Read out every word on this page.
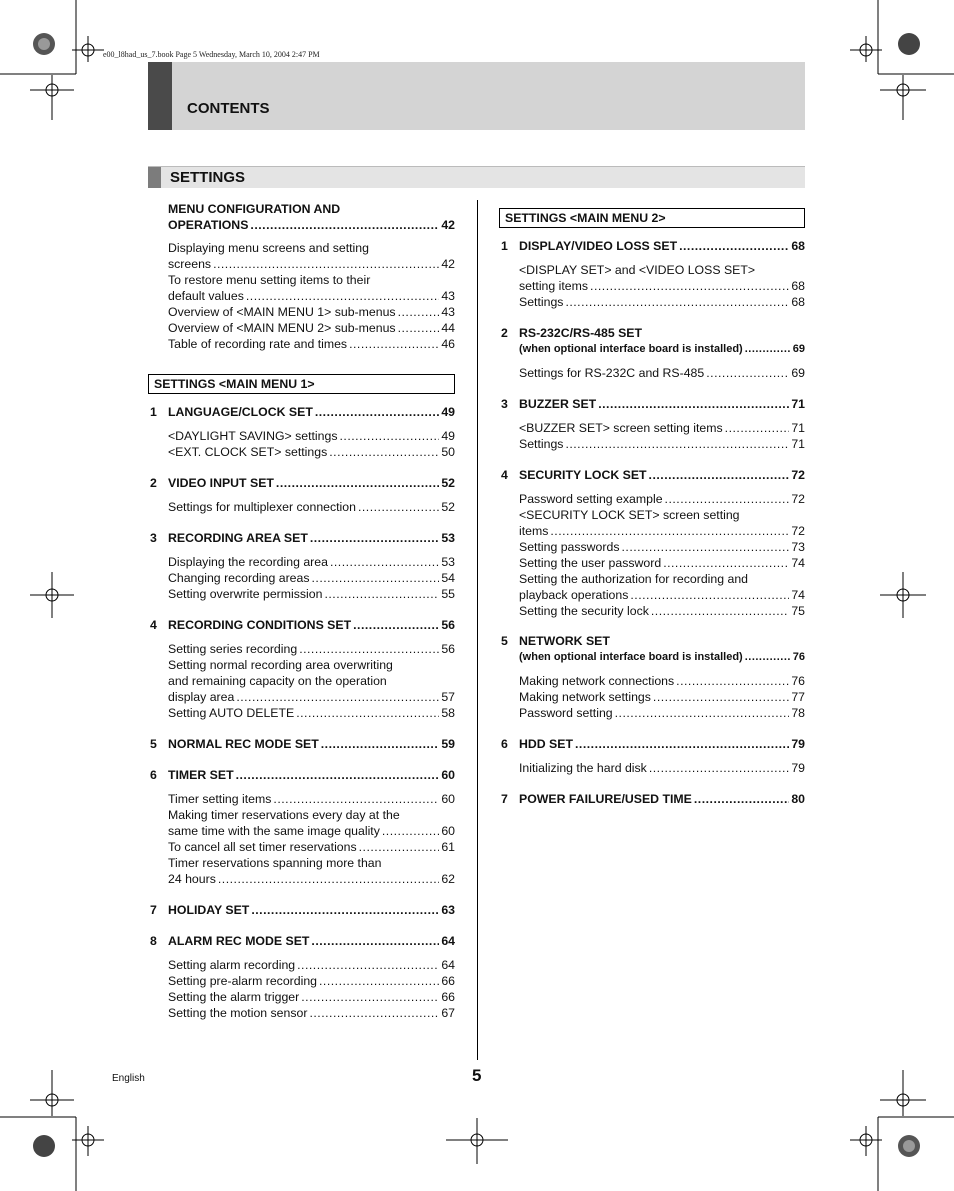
e00_l8had_us_7.book Page 5 Wednesday, March 10, 2004 2:47 PM
CONTENTS
SETTINGS
MENU CONFIGURATION AND
OPERATIONS .....	42
Displaying menu screens and setting
screens .....	42
To restore menu setting items to their
default values .....	43
Overview of <MAIN MENU 1> sub-menus .....	43
Overview of <MAIN MENU 2> sub-menus .....	44
Table of recording rate and times .....	46
SETTINGS <MAIN MENU 1>
1 LANGUAGE/CLOCK SET .....	49
<DAYLIGHT SAVING> settings .....	49
<EXT. CLOCK SET> settings .....	50
2 VIDEO INPUT SET .....	52
Settings for multiplexer connection .....	52
3 RECORDING AREA SET .....	53
Displaying the recording area .....	53
Changing recording areas .....	54
Setting overwrite permission .....	55
4 RECORDING CONDITIONS SET .....	56
Setting series recording .....	56
Setting normal recording area overwriting
and remaining capacity on the operation
display area .....	57
Setting AUTO DELETE .....	58
5 NORMAL REC MODE SET .....	59
6 TIMER SET .....	60
Timer setting items .....	60
Making timer reservations every day at the
same time with the same image quality .....	60
To cancel all set timer reservations .....	61
Timer reservations spanning more than
24 hours .....	62
7 HOLIDAY SET .....	63
8 ALARM REC MODE SET .....	64
Setting alarm recording .....	64
Setting pre-alarm recording .....	66
Setting the alarm trigger .....	66
Setting the motion sensor .....	67
SETTINGS <MAIN MENU 2>
1 DISPLAY/VIDEO LOSS SET .....	68
<DISPLAY SET> and <VIDEO LOSS SET>
setting items .....	68
Settings .....	68
2 RS-232C/RS-485 SET
(when optional interface board is installed) .....	69
Settings for RS-232C and RS-485 .....	69
3 BUZZER SET .....	71
<BUZZER SET> screen setting items .....	71
Settings .....	71
4 SECURITY LOCK SET .....	72
Password setting example .....	72
<SECURITY LOCK SET> screen setting
items .....	72
Setting passwords .....	73
Setting the user password .....	74
Setting the authorization for recording and
playback operations .....	74
Setting the security lock .....	75
5 NETWORK SET
(when optional interface board is installed) .....	76
Making network connections .....	76
Making network settings .....	77
Password setting .....	78
6 HDD SET .....	79
Initializing the hard disk .....	79
7 POWER FAILURE/USED TIME .....	80
English	5
